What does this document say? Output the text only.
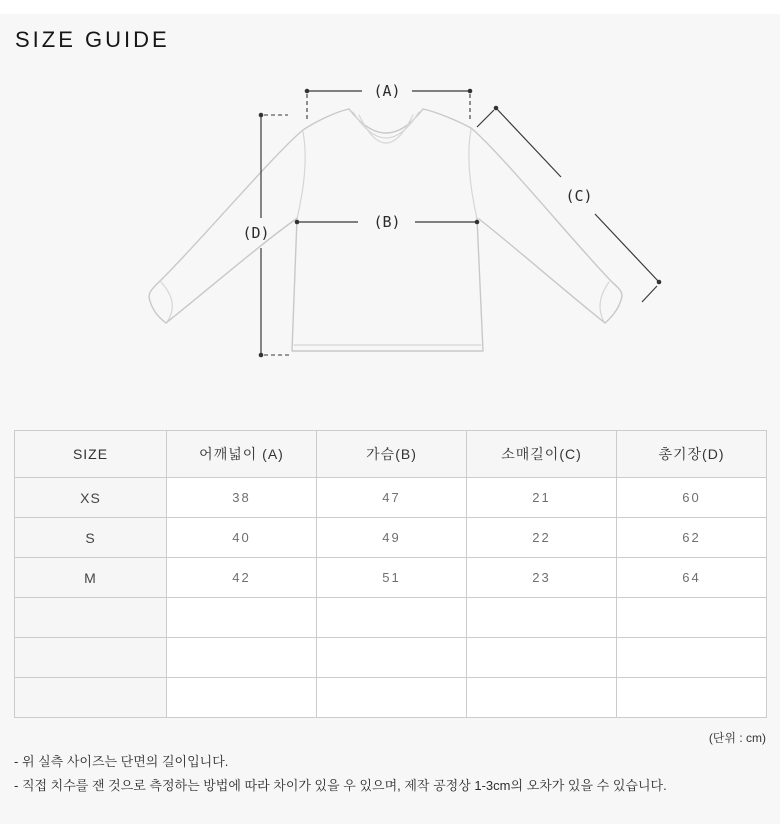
SIZE GUIDE
(A)
(B)
(C)
(D)
SIZE	어깨넓이 (A)	가슴(B)	소매길이(C)	총기장(D)
XS	38	47	21	60
S	40	49	22	62
M	42	51	23	64

(단위 : cm)
- 위 실측 사이즈는 단면의 길이입니다.
- 직접 치수를 잰 것으로 측정하는 방법에 따라 차이가 있을 우 있으며, 제작 공정상 1-3cm의 오차가 있을 수 있습니다.
